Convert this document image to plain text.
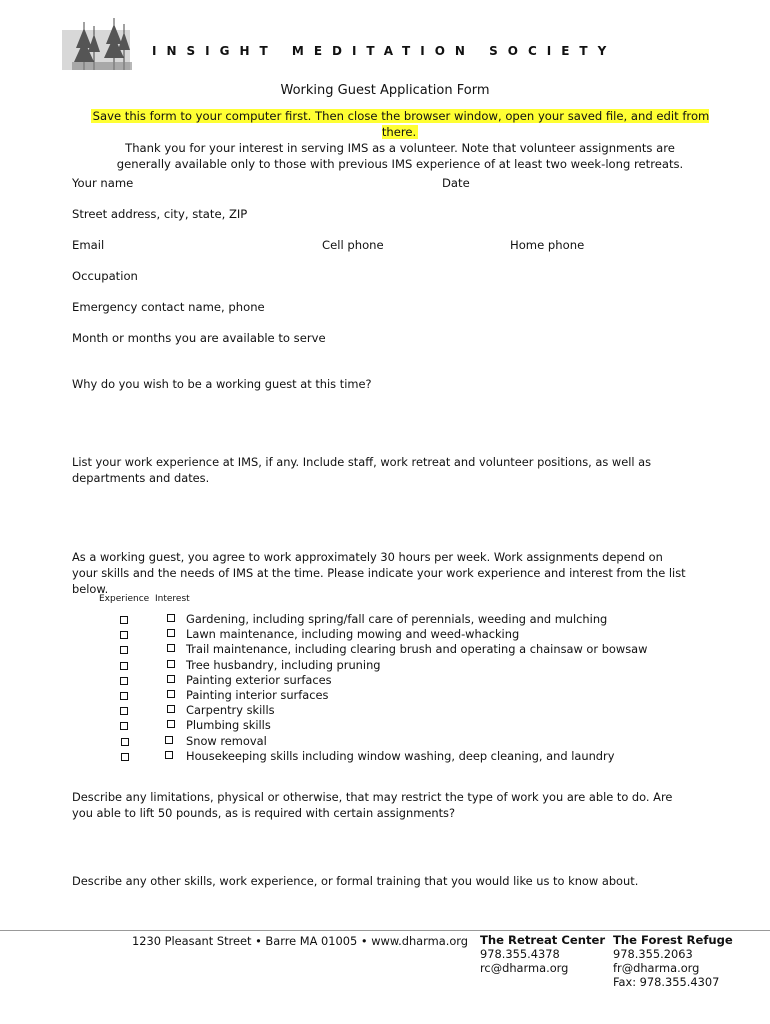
INSIGHT MEDITATION SOCIETY
Working Guest Application Form
Save this form to your computer first. Then close the browser window, open your saved file, and edit from there.
Thank you for your interest in serving IMS as a volunteer. Note that volunteer assignments are generally available only to those with previous IMS experience of at least two week-long retreats.
Your name	Date
Street address, city, state, ZIP
Email	Cell phone	Home phone
Occupation
Emergency contact name, phone
Month or months you are available to serve
Why do you wish to be a working guest at this time?
List your work experience at IMS, if any. Include staff, work retreat and volunteer positions, as well as departments and dates.
As a working guest, you agree to work approximately 30 hours per week. Work assignments depend on your skills and the needs of IMS at the time. Please indicate your work experience and interest from the list below.
Experience Interest
Gardening, including spring/fall care of perennials, weeding and mulching
Lawn maintenance, including mowing and weed-whacking
Trail maintenance, including clearing brush and operating a chainsaw or bowsaw
Tree husbandry, including pruning
Painting exterior surfaces
Painting interior surfaces
Carpentry skills
Plumbing skills
Snow removal
Housekeeping skills including window washing, deep cleaning, and laundry
Describe any limitations, physical or otherwise, that may restrict the type of work you are able to do. Are you able to lift 50 pounds, as is required with certain assignments?
Describe any other skills, work experience, or formal training that you would like us to know about.
1230 Pleasant Street • Barre MA 01005 • www.dharma.org The Retreat Center
978.355.4378
rc@dharma.org
The Forest Refuge
978.355.2063
fr@dharma.org
Fax: 978.355.4307
